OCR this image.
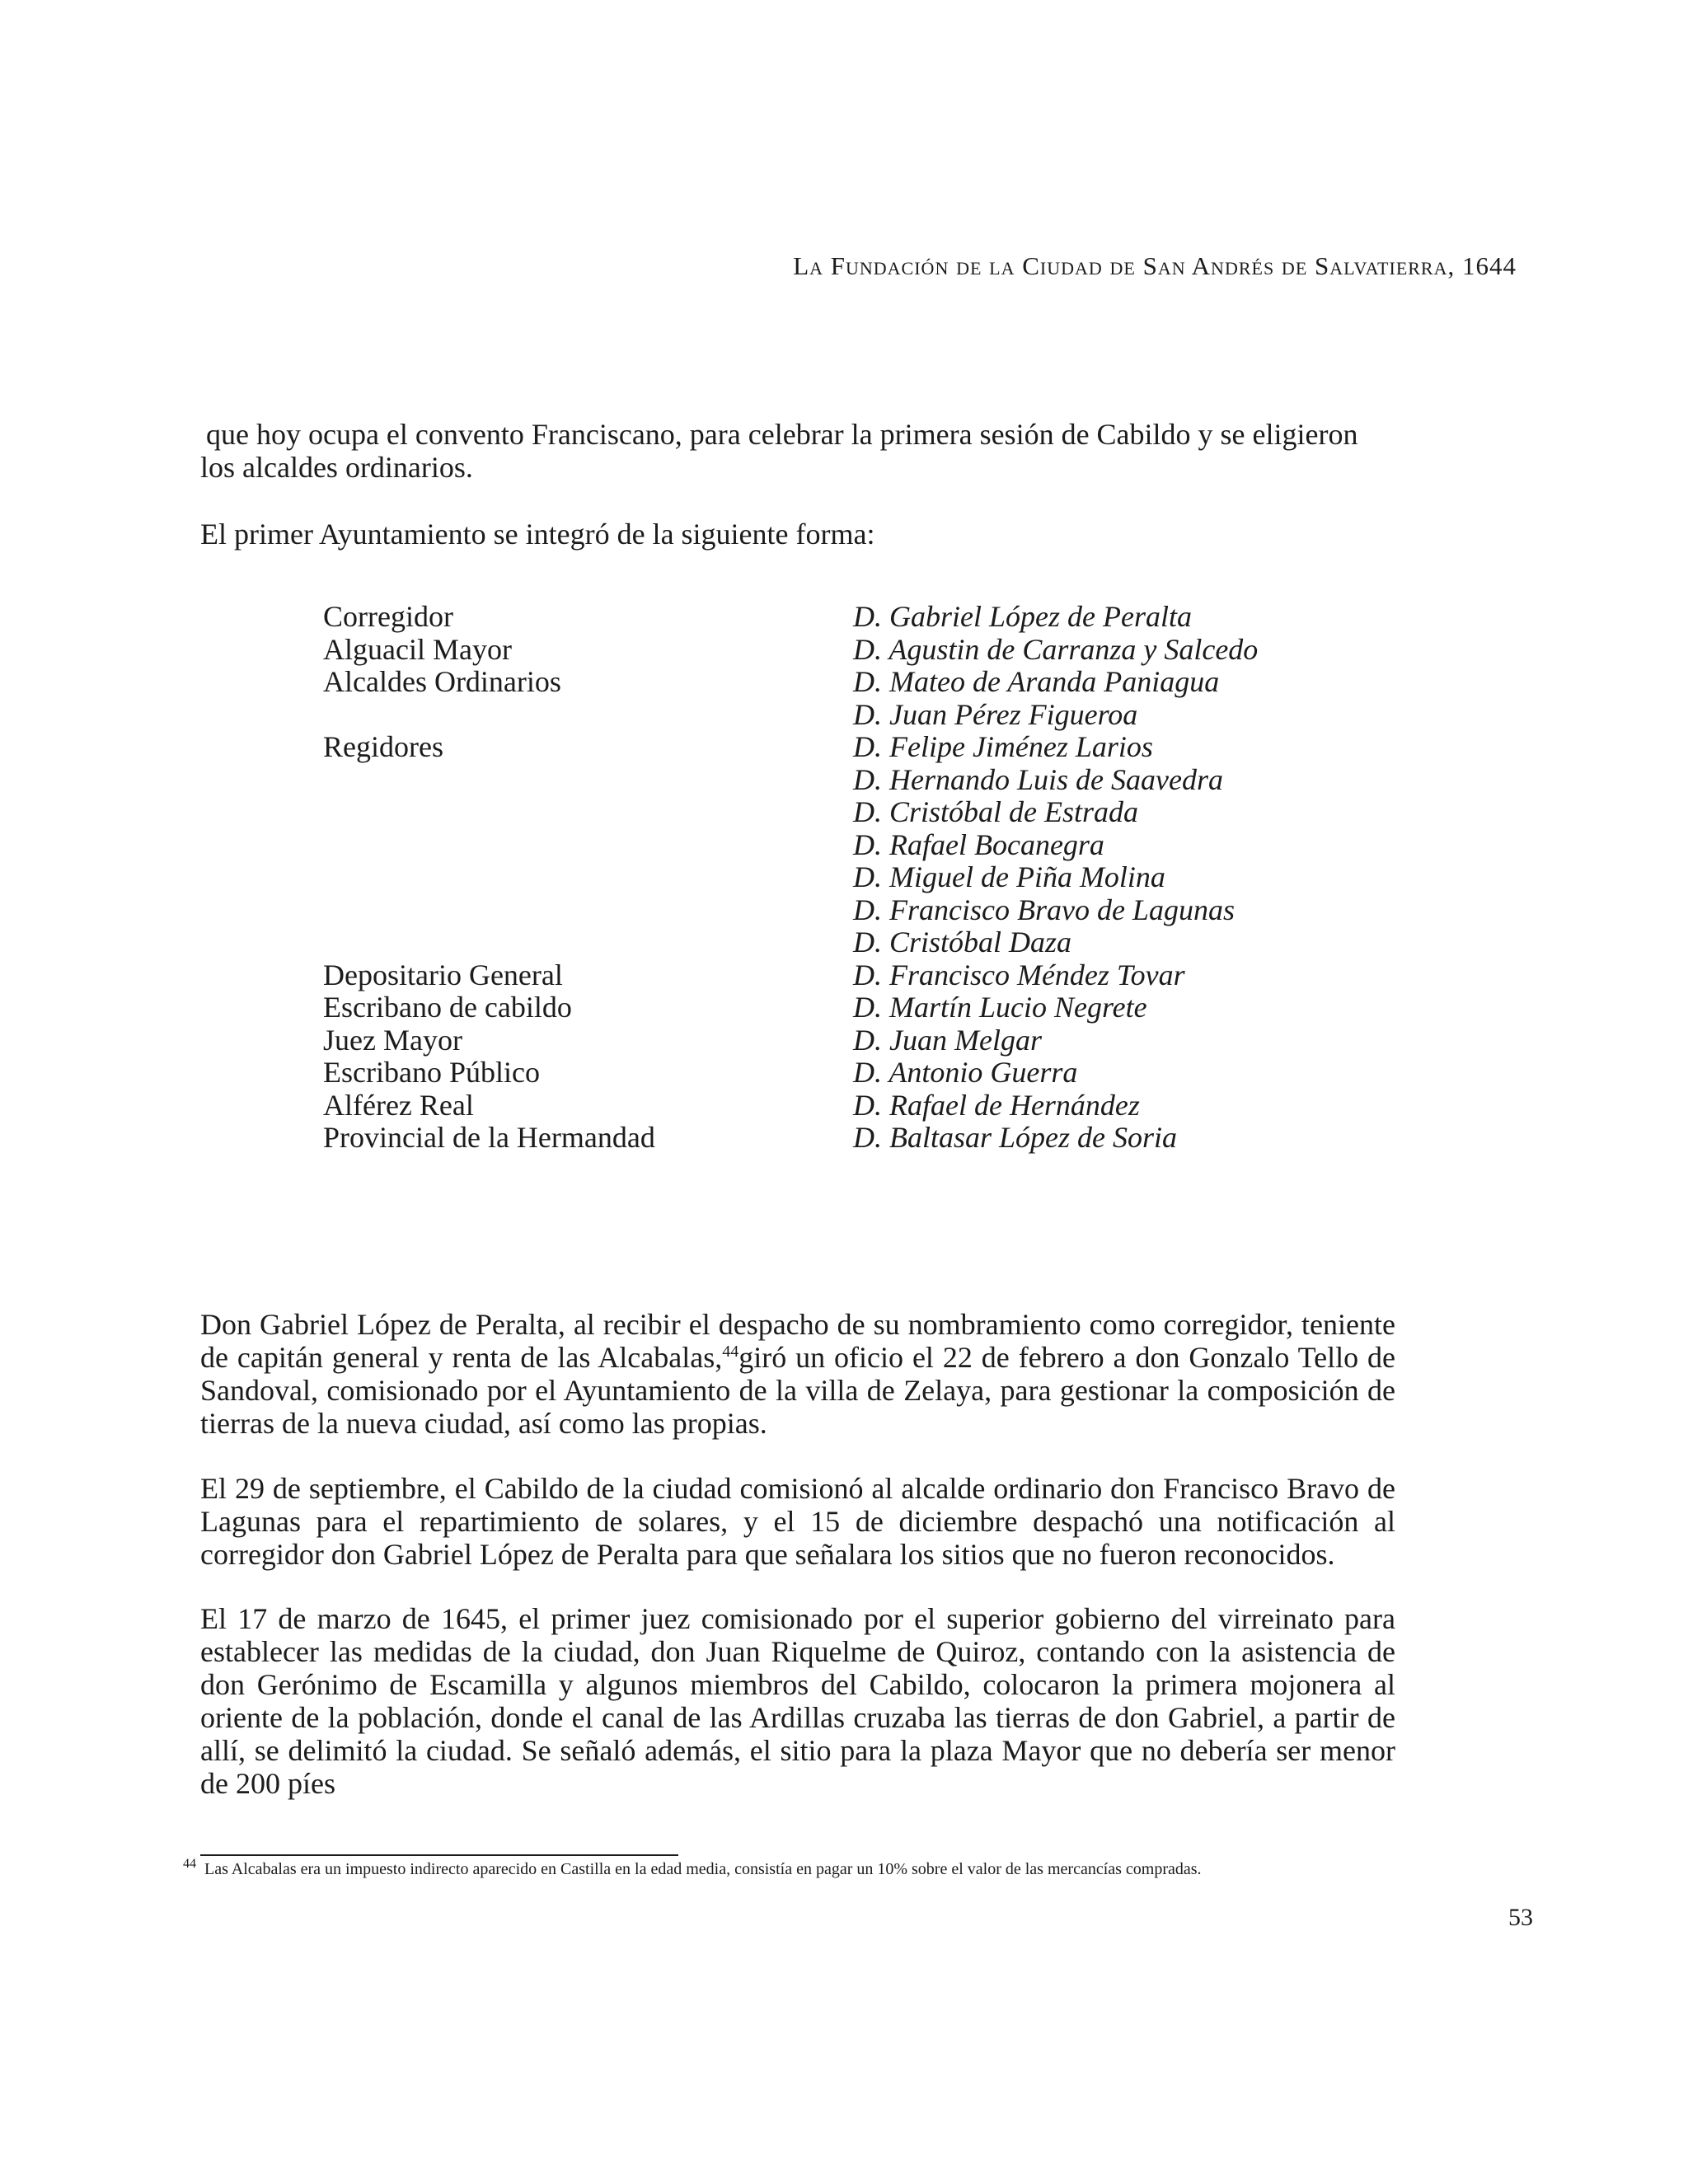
La Fundación de la Ciudad de San Andrés de Salvatierra, 1644

que hoy ocupa el convento Franciscano, para celebrar la primera sesión de Cabildo y se eligieron los alcaldes ordinarios.

El primer Ayuntamiento se integró de la siguiente forma:

Corregidor
Alguacil Mayor
Alcaldes Ordinarios
Regidores
Depositario General
Escribano de cabildo
Juez Mayor
Escribano Público
Alférez Real
Provincial de la Hermandad
D. Gabriel López de Peralta
D. Agustin de Carranza y Salcedo
D. Mateo de Aranda Paniagua
D. Juan Pérez Figueroa
D. Felipe Jiménez Larios
D. Hernando Luis de Saavedra
D. Cristóbal de Estrada
D. Rafael Bocanegra
D. Miguel de Piña Molina
D. Francisco Bravo de Lagunas
D. Cristóbal Daza
D. Francisco Méndez Tovar
D. Martín Lucio Negrete
D. Juan Melgar
D. Antonio Guerra
D. Rafael de Hernández
D. Baltasar López de Soria

Don Gabriel López de Peralta, al recibir el despacho de su nombramiento como corregidor, teniente de capitán general y renta de las Alcabalas,$^{44}$giró un oficio el 22 de febrero a don Gonzalo Tello de Sandoval, comisionado por el Ayuntamiento de la villa de Zelaya, para gestionar la composición de tierras de la nueva ciudad, así como las propias.

El 29 de septiembre, el Cabildo de la ciudad comisionó al alcalde ordinario don Francisco Bravo de Lagunas para el repartimiento de solares, y el 15 de diciembre despachó una notificación al corregidor don Gabriel López de Peralta para que señalara los sitios que no fueron reconocidos.

El 17 de marzo de 1645, el primer juez comisionado por el superior gobierno del virreinato para establecer las medidas de la ciudad, don Juan Riquelme de Quiroz, contando con la asistencia de don Gerónimo de Escamilla y algunos miembros del Cabildo, colocaron la primera mojonera al oriente de la población, donde el canal de las Ardillas cruzaba las tierras de don Gabriel, a partir de allí, se delimitó la ciudad. Se señaló además, el sitio para la plaza Mayor que no debería ser menor de 200 píes

$^{44}$ Las Alcabalas era un impuesto indirecto aparecido en Castilla en la edad media, consistía en pagar un 10% sobre el valor de las mercancías compradas.
53
